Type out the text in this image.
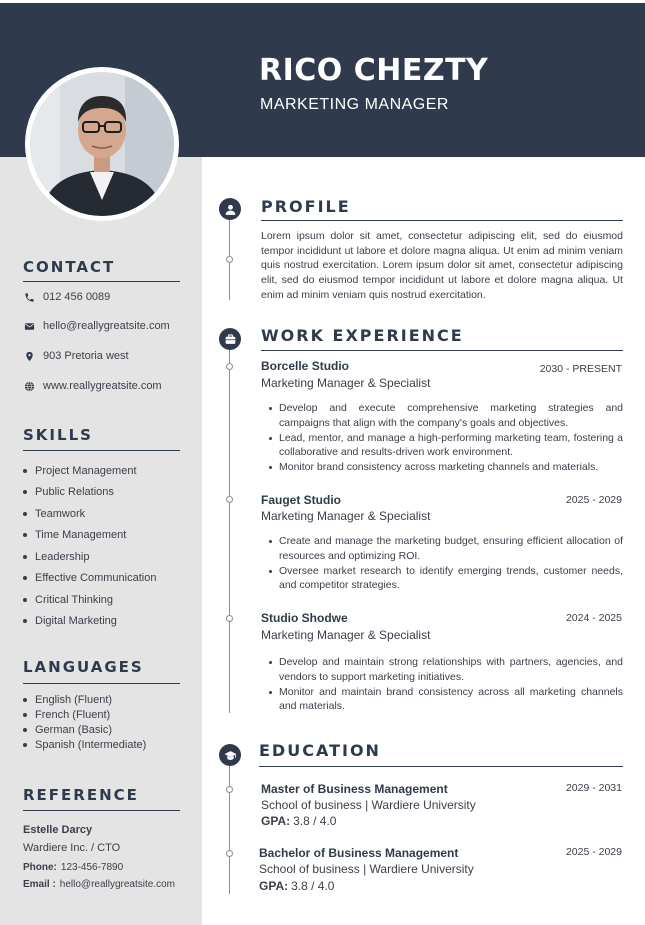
RICO CHEZTY
MARKETING MANAGER
CONTACT
012 456 0089
hello@reallygreatsite.com
903 Pretoria west
www.reallygreatsite.com
SKILLS
Project Management
Public Relations
Teamwork
Time Management
Leadership
Effective Communication
Critical Thinking
Digital Marketing
LANGUAGES
English (Fluent)
French (Fluent)
German (Basic)
Spanish (Intermediate)
REFERENCE
Estelle Darcy
Wardiere Inc. / CTO
Phone: 123-456-7890
Email : hello@reallygreatsite.com
PROFILE
Lorem ipsum dolor sit amet, consectetur adipiscing elit, sed do eiusmod tempor incididunt ut labore et dolore magna aliqua. Ut enim ad minim veniam quis nostrud exercitation. Lorem ipsum dolor sit amet, consectetur adipiscing elit, sed do eiusmod tempor incididunt ut labore et dolore magna aliqua. Ut enim ad minim veniam quis nostrud exercitation.
WORK EXPERIENCE
Borcelle Studio	2030 - PRESENT
Marketing Manager & Specialist
Develop and execute comprehensive marketing strategies and campaigns that align with the company's goals and objectives.
Lead, mentor, and manage a high-performing marketing team, fostering a collaborative and results-driven work environment.
Monitor brand consistency across marketing channels and materials.
Fauget Studio	2025 - 2029
Marketing Manager & Specialist
Create and manage the marketing budget, ensuring efficient allocation of resources and optimizing ROI.
Oversee market research to identify emerging trends, customer needs, and competitor strategies.
Studio Shodwe	2024 - 2025
Marketing Manager & Specialist
Develop and maintain strong relationships with partners, agencies, and vendors to support marketing initiatives.
Monitor and maintain brand consistency across all marketing channels and materials.
EDUCATION
Master of Business Management	2029 - 2031
School of business | Wardiere University
GPA: 3.8 / 4.0
Bachelor of Business Management	2025 - 2029
School of business | Wardiere University
GPA: 3.8 / 4.0
